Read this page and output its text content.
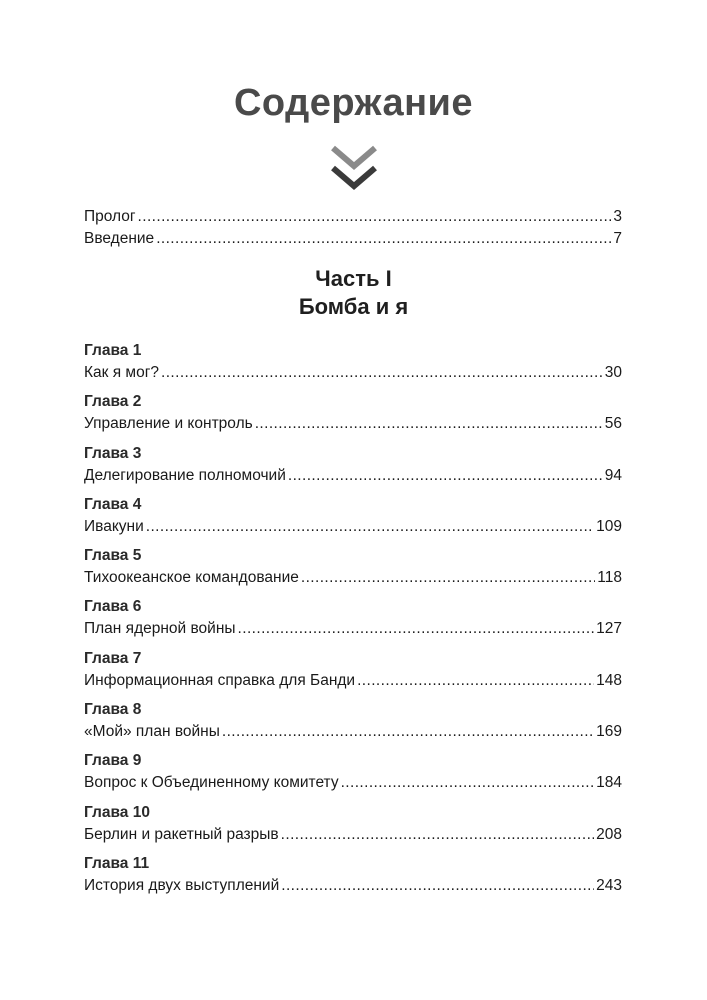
Содержание
Пролог .....	3
Введение .....	7
Часть I
Бомба и я
Глава 1
Как я мог? .....	30
Глава 2
Управление и контроль .....	56
Глава 3
Делегирование полномочий .....	94
Глава 4
Ивакуни .....	109
Глава 5
Тихоокеанское командование .....	118
Глава 6
План ядерной войны .....	127
Глава 7
Информационная справка для Банди .....	148
Глава 8
«Мой» план войны .....	169
Глава 9
Вопрос к Объединенному комитету .....	184
Глава 10
Берлин и ракетный разрыв .....	208
Глава 11
История двух выступлений .....	243
